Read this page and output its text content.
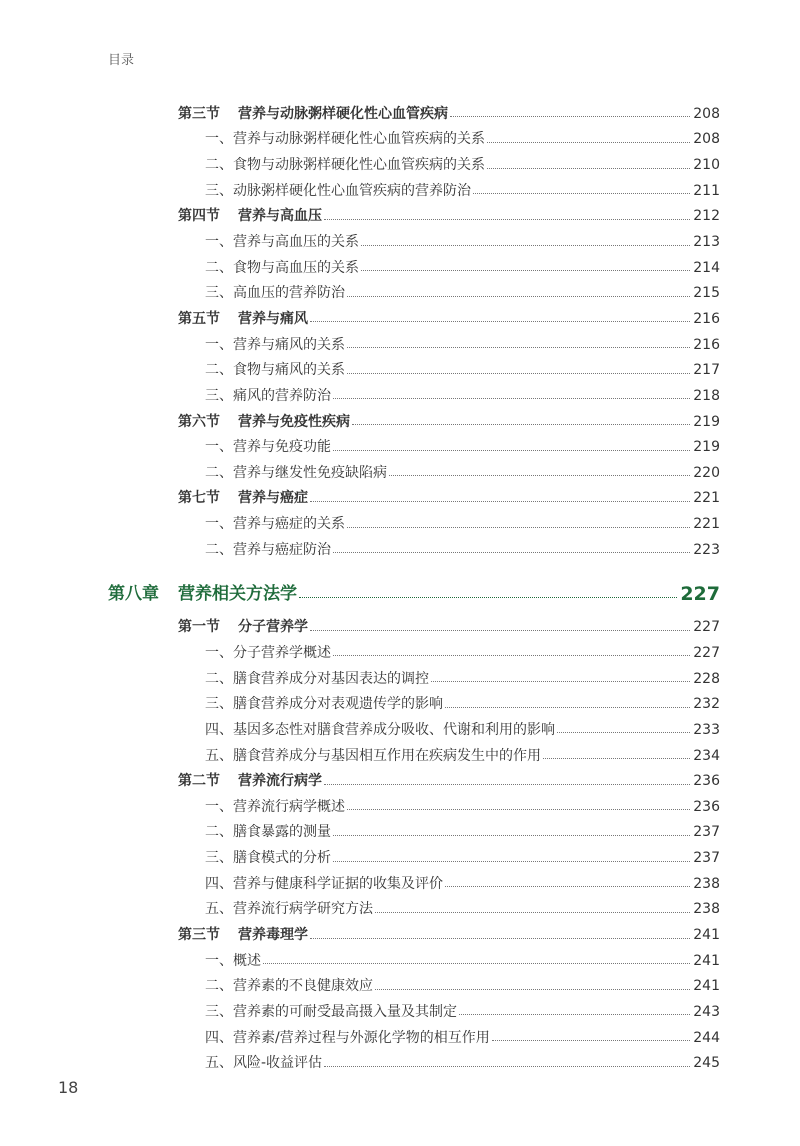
目录
第三节 营养与动脉粥样硬化性心血管疾病	208
一、营养与动脉粥样硬化性心血管疾病的关系	208
二、食物与动脉粥样硬化性心血管疾病的关系	210
三、动脉粥样硬化性心血管疾病的营养防治	211
第四节 营养与高血压	212
一、营养与高血压的关系	213
二、食物与高血压的关系	214
三、高血压的营养防治	215
第五节 营养与痛风	216
一、营养与痛风的关系	216
二、食物与痛风的关系	217
三、痛风的营养防治	218
第六节 营养与免疫性疾病	219
一、营养与免疫功能	219
二、营养与继发性免疫缺陷病	220
第七节 营养与癌症	221
一、营养与癌症的关系	221
二、营养与癌症防治	223
第八章 营养相关方法学	227
第一节 分子营养学	227
一、分子营养学概述	227
二、膳食营养成分对基因表达的调控	228
三、膳食营养成分对表观遗传学的影响	232
四、基因多态性对膳食营养成分吸收、代谢和利用的影响	233
五、膳食营养成分与基因相互作用在疾病发生中的作用	234
第二节 营养流行病学	236
一、营养流行病学概述	236
二、膳食暴露的测量	237
三、膳食模式的分析	237
四、营养与健康科学证据的收集及评价	238
五、营养流行病学研究方法	238
第三节 营养毒理学	241
一、概述	241
二、营养素的不良健康效应	241
三、营养素的可耐受最高摄入量及其制定	243
四、营养素/营养过程与外源化学物的相互作用	244
五、风险-收益评估	245
18
